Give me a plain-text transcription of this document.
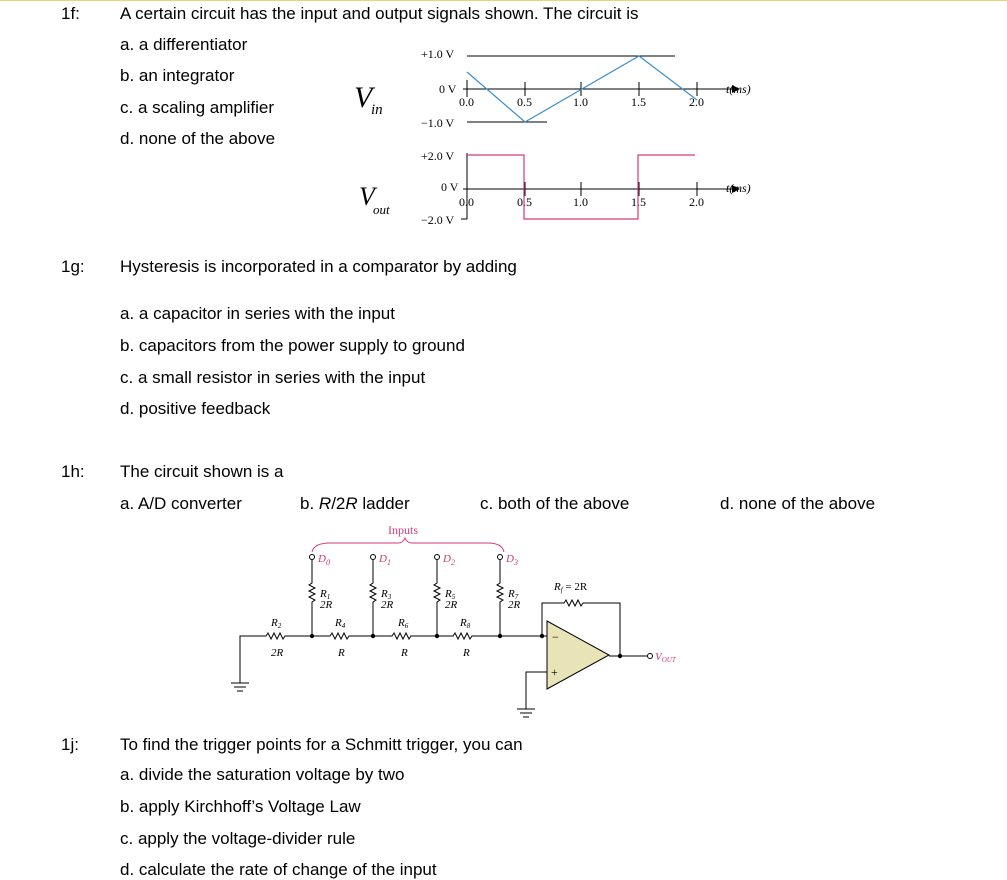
1f: A certain circuit has the input and output signals shown. The circuit is
a. a differentiator
b. an integrator
c. a scaling amplifier
d. none of the above
V
in
+1.0 V
0 V
−1.0 V
0.0	0.5	1.0	1.5	2.0
t(ms)
V
out
+2.0 V
0 V
−2.0 V
0.0	0.5	1.0	1.5	2.0
t(ms)
1g: Hysteresis is incorporated in a comparator by adding
a. a capacitor in series with the input
b. capacitors from the power supply to ground
c. a small resistor in series with the input
d. positive feedback
1h: The circuit shown is a
a. A/D converter	b. R/2R ladder	c. both of the above	d. none of the above
Inputs
$D_0$	$D_1$	$D_2$	$D_3$
R1
2R
R3
2R
R5
2R
R7
2R
R2
2R
R4
R
R6
R
R8
R
Rf = 2R
−
+
VOUT
1j: To find the trigger points for a Schmitt trigger, you can
a. divide the saturation voltage by two
b. apply Kirchhoff’s Voltage Law
c. apply the voltage-divider rule
d. calculate the rate of change of the input
